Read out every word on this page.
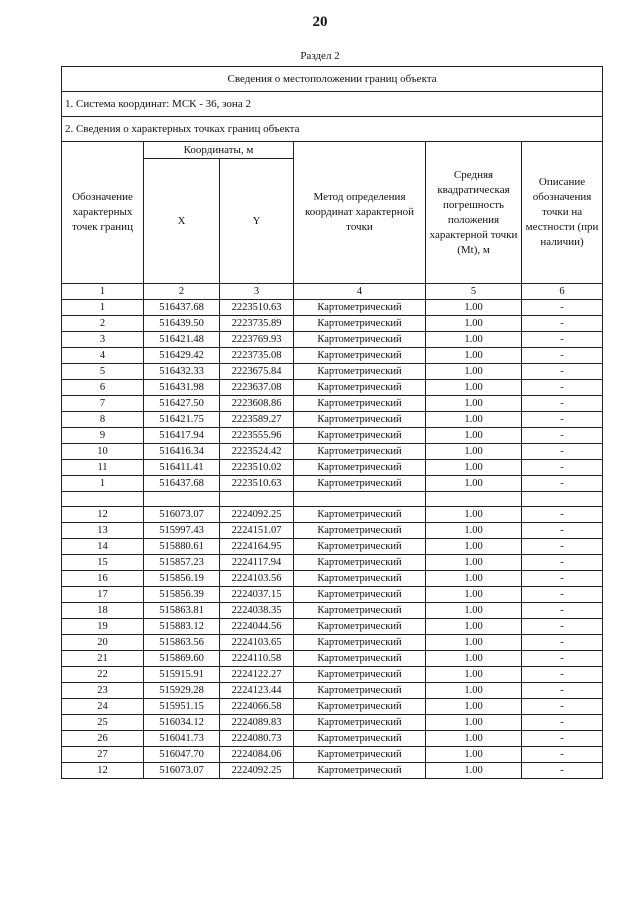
20
Раздел 2
Сведения о местоположении границ объекта					
1. Система координат: МСК - 36, зона 2					
2. Сведения о характерных точках границ объекта					
Обозначение характерных точек границ	Координаты, м		Метод определения координат характерной точки	Средняя квадратическая погрешность положения характерной точки (Mt), м	Описание обозначения точки на местности (при наличии)
	X	Y			
1	2	3	4	5	6
1	516437.68	2223510.63	Картометрический	1.00	-
2	516439.50	2223735.89	Картометрический	1.00	-
3	516421.48	2223769.93	Картометрический	1.00	-
4	516429.42	2223735.08	Картометрический	1.00	-
5	516432.33	2223675.84	Картометрический	1.00	-
6	516431.98	2223637.08	Картометрический	1.00	-
7	516427.50	2223608.86	Картометрический	1.00	-
8	516421.75	2223589.27	Картометрический	1.00	-
9	516417.94	2223555.96	Картометрический	1.00	-
10	516416.34	2223524.42	Картометрический	1.00	-
11	516411.41	2223510.02	Картометрический	1.00	-
1	516437.68	2223510.63	Картометрический	1.00	-

12	516073.07	2224092.25	Картометрический	1.00	-
13	515997.43	2224151.07	Картометрический	1.00	-
14	515880.61	2224164.95	Картометрический	1.00	-
15	515857.23	2224117.94	Картометрический	1.00	-
16	515856.19	2224103.56	Картометрический	1.00	-
17	515856.39	2224037.15	Картометрический	1.00	-
18	515863.81	2224038.35	Картометрический	1.00	-
19	515883.12	2224044.56	Картометрический	1.00	-
20	515863.56	2224103.65	Картометрический	1.00	-
21	515869.60	2224110.58	Картометрический	1.00	-
22	515915.91	2224122.27	Картометрический	1.00	-
23	515929.28	2224123.44	Картометрический	1.00	-
24	515951.15	2224066.58	Картометрический	1.00	-
25	516034.12	2224089.83	Картометрический	1.00	-
26	516041.73	2224080.73	Картометрический	1.00	-
27	516047.70	2224084.06	Картометрический	1.00	-
12	516073.07	2224092.25	Картометрический	1.00	-
